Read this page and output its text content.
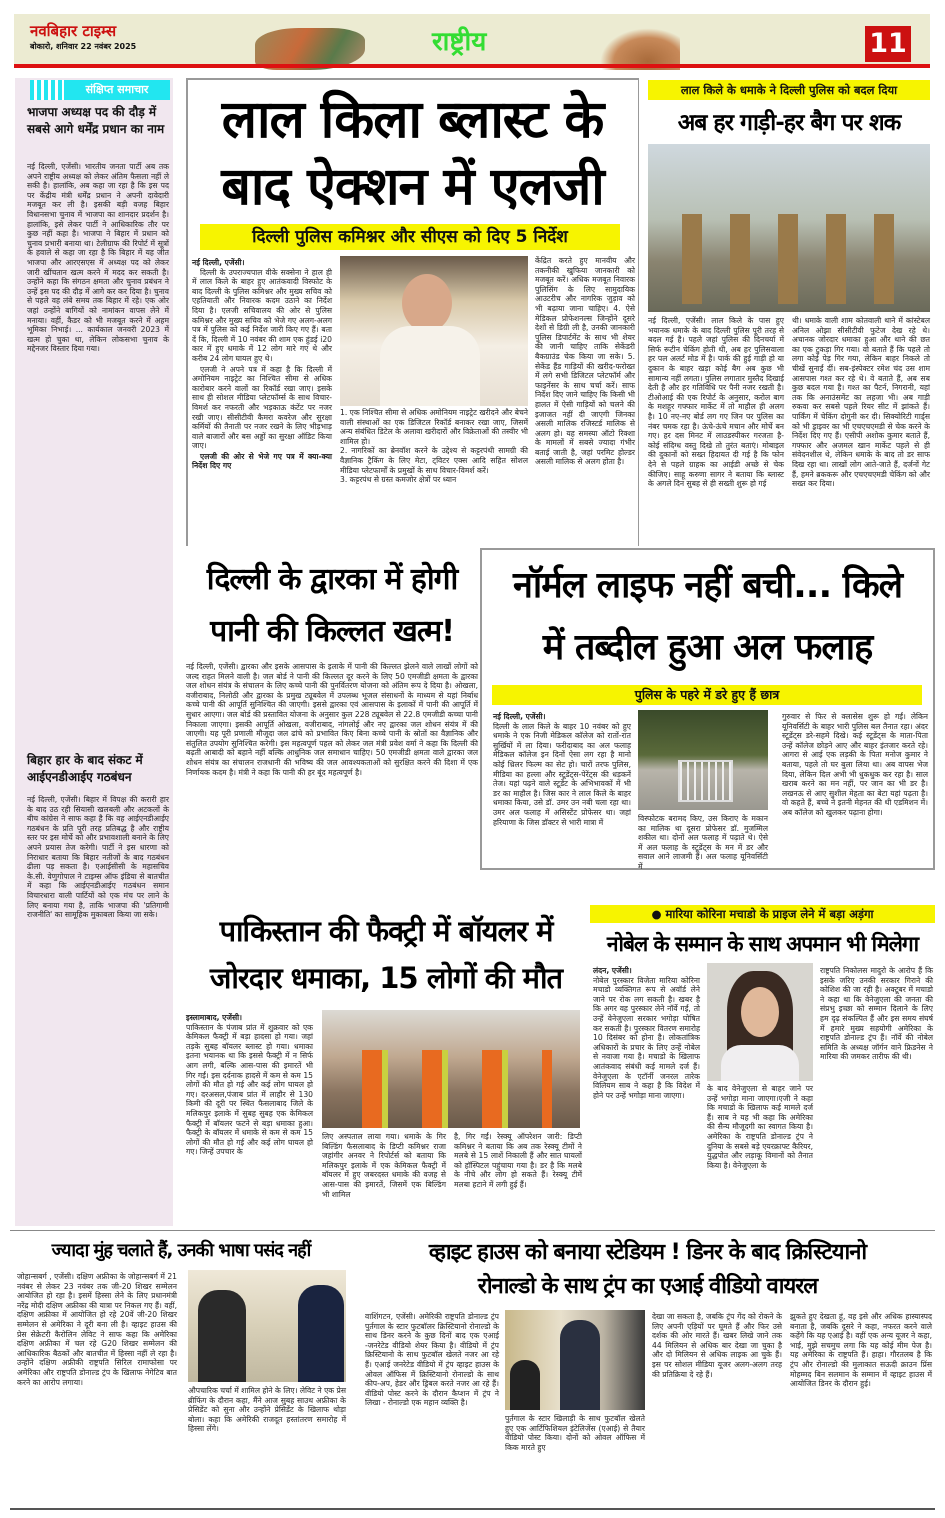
नवबिहार टाइम्स
बोकारो, शनिवार 22 नवंबर 2025	राष्ट्रीय	11
संक्षिप्त समाचार
भाजपा अध्यक्ष पद की दौड़ में सबसे आगे धर्मेंद्र प्रधान का नाम
नई दिल्ली, एजेंसी। भारतीय जनता पार्टी अब तक अपने राष्ट्रीय अध्यक्ष को लेकर अंतिम फैसला नहीं ले सकी है। हालांकि, अब कहा जा रहा है कि इस पद पर केंद्रीय मंत्री धर्मेंद्र प्रधान ने अपनी दावेदारी मजबूत कर ली है। इसकी बड़ी वजह बिहार विधानसभा चुनाव में भाजपा का शानदार प्रदर्शन है। हालांकि, इसे लेकर पार्टी ने आधिकारिक तौर पर कुछ नहीं कहा है। भाजपा ने बिहार में प्रधान को चुनाव प्रभारी बनाया था। टेलीग्राफ की रिपोर्ट में सूत्रों के हवाले से कहा जा रहा है कि बिहार में यह जीत भाजपा और आरएसएस में अध्यक्ष पद को लेकर जारी खींचतान खत्म करने में मदद कर सकती है। उन्होंने कहा कि संगठन क्षमता और चुनाव प्रबंधन ने उन्हें इस पद की दौड़ में आगे कर कर दिया है। चुनाव से पहले वह लंबे समय तक बिहार में रहे। एक ओर जहां उन्होंने बागियों को नामांकन वापस लेने में मनाया। वहीं, कैडर को भी मजबूत करने में अहम भूमिका निभाई। ... कार्यकाल जनवरी 2023 में खत्म हो चुका था, लेकिन लोकसभा चुनाव के मद्देनजर विस्तार दिया गया।
बिहार हार के बाद संकट में आईएनडीआईए गठबंधन
नई दिल्ली, एजेंसी। बिहार में विपक्ष की करारी हार के बाद उठ रही सियासी खलबली और अटकलों के बीच कांग्रेस ने साफ कहा है कि वह आईएनडीआईए गठबंधन के प्रति पूरी तरह प्रतिबद्ध है और राष्ट्रीय स्तर पर इस मोर्चे को और प्रभावशाली बनाने के लिए अपने प्रयास तेज करेगी। पार्टी ने इस धारणा को निराधार बताया कि बिहार नतीजों के बाद गठबंधन ढीला पड़ सकता है। एआईसीसी के महासचिव के.सी. वेणुगोपाल ने टाइम्स ऑफ इंडिया से बातचीत में कहा कि आईएनडीआईए गठबंधन समान विचारधारा वाली पार्टियों को एक मंच पर लाने के लिए बनाया गया है, ताकि भाजपा की 'प्रतिगामी राजनीति' का सामूहिक मुकाबला किया जा सके।
लाल किला ब्लास्ट के
बाद ऐक्शन में एलजी
दिल्ली पुलिस कमिश्नर और सीएस को दिए 5 निर्देश
नई दिल्ली, एजेंसी।

दिल्ली के उपराज्यपाल वीके सक्सेना ने हाल ही में लाल किले के बाहर हुए आतंकवादी विस्फोट के बाद दिल्ली के पुलिस कमिश्नर और मुख्य सचिव को एहतियाती और निवारक कदम उठाने का निर्देश दिया है। एलजी सचिवालय की ओर से पुलिस कमिश्नर और मुख्य सचिव को भेजे गए अलग-अलग पत्र में पुलिस को कई निर्देश जारी किए गए हैं। बता दें कि, दिल्ली में 10 नवंबर की शाम एक हुंडई i20 कार में हुए धमाके में 12 लोग मारे गए थे और करीब 24 लोग घायल हुए थे।

एलजी ने अपने पत्र में कहा है कि दिल्ली में अमोनियम नाइट्रेट का निश्चित सीमा से अधिक कारोबार करने वालों का रिकॉर्ड रखा जाए। इसके साथ ही सोशल मीडिया प्लेटफॉर्म्स के साथ विचार-विमर्श कर नफरती और भड़काऊ कंटेंट पर नजर रखी जाए। सीसीटीवी कैमरा कवरेज और सुरक्षा कर्मियों की तैनाती पर नजर रखने के लिए भीड़भाड़ वाले बाजारों और बस अड्डों का सुरक्षा ऑडिट किया जाए।

एलजी की ओर से भेजे गए पत्र में क्या-क्या निर्देश दिए गए

1. एक निश्चित सीमा से अधिक अमोनियम नाइट्रेट खरीदने और बेचने वाली संस्थाओं का एक डिजिटल रिकॉर्ड बनाकर रखा जाए, जिसमें अन्य संबंधित डिटेल के अलावा खरीदारों और विक्रेताओं की तस्वीर भी शामिल हो।
2. नागरिकों का ब्रेनवॉश करने के उद्देश्य से कट्टरपंथी सामग्री की वैज्ञानिक ट्रैकिंग के लिए मेटा, ट्विटर एक्स आदि सहित सोशल मीडिया प्लेटफार्मों के प्रमुखों के साथ विचार-विमर्श करें।
3. कट्टरपंथ से ग्रस्त कमजोर क्षेत्रों पर ध्यान
केंद्रित करते हुए मानवीय और तकनीकी खुफिया जानकारी को मजबूत करें। अधिक मजबूत निवारक पुलिसिंग के लिए सामुदायिक आउटरीच और नागरिक जुड़ाव को भी बढ़ाया जाना चाहिए। 4. ऐसे मेडिकल प्रोफेशनल्स जिन्होंने दूसरे देशों से डिग्री ली है, उनकी जानकारी पुलिस डिपार्टमेंट के साथ भी शेयर की जानी चाहिए ताकि सेकेंडरी बैकग्राउंड चेक किया जा सके। 5. सेकेंड हैंड गाड़ियों की खरीद-फरोख्त में लगे सभी डिजिटल प्लेटफॉर्म और फाइनेंसर के साथ चर्चा करें। साफ निर्देश दिए जाने चाहिए कि किसी भी हालत में ऐसी गाड़ियों को चलने की इजाजत नहीं दी जाएगी जिनका असली मालिक रजिस्टर्ड मालिक से अलग हो। यह समस्या ऑटो रिक्शा के मामलों में सबसे ज्यादा गंभीर बताई जाती है, जहां परमिट होल्डर असली मालिक से अलग होता है।
लाल किले के धमाके ने दिल्ली पुलिस को बदल दिया
अब हर गाड़ी-हर बैग पर शक
नई दिल्ली, एजेंसी। लाल किले के पास हुए भयानक धमाके के बाद दिल्ली पुलिस पूरी तरह से बदल गई है। पहले जहां पुलिस की दिनचर्या में सिर्फ रूटीन चेकिंग होती थी, अब हर पुलिसवाला हर पल अलर्ट मोड में है। पार्क की हुई गाड़ी हो या दुकान के बाहर खड़ा कोई बैग अब कुछ भी सामान्य नहीं लगता। पुलिस लगातार मुस्तैद दिखाई देती है और हर गतिविधि पर पैनी नजर रखती है। टीओआई की एक रिपोर्ट के अनुसार, करोल बाग के मशहूर गफ्फार मार्केट में तो माहौल ही अलग है। 10 नए-नए बोर्ड लग गए जिन पर पुलिस का नंबर चमक रहा है। ऊंचे-ऊंचे मचान और मोर्चे बन गए। हर दस मिनट में लाउडस्पीकर गरजता है- कोई संदिग्ध वस्तु दिखे तो तुरंत बताएं। मोबाइल की दुकानों को सख्त हिदायत दी गई है कि फोन देने से पहले ग्राहक का आईडी अच्छे से चेक कीजिए। साहू करुणा सागर ने बताया कि ब्लास्ट के अगले दिन सुबह से ही सख्ती शुरू हो गई
थी। धमाके वाली शाम कोतवाली थाने में कांस्टेबल अनिल ओझा सीसीटीवी फुटेज देख रहे थे। अचानक जोरदार धमाका हुआ और थाने की छत का एक टुकड़ा गिर गया। वो बताते हैं कि पहले तो लगा कोई पेड़ गिर गया, लेकिन बाहर निकले तो चीखें सुनाईं दीं। सब-इंस्पेक्टर रमेश चंद उस शाम आसपास गश्त कर रहे थे। वे बताते हैं, अब सब कुछ बदल गया है। गश्त का पैटर्न, निगरानी, यहां तक कि अनाउंसमेंट का लहजा भी। अब गाड़ी रुकवा कर सबसे पहले रियर सीट में झांकते हैं। पार्किंग में चेकिंग दोगुनी कर दी। सिक्योरिटी गार्ड्स को भी ड्राइवर का भी एचएचएमडी से चेक करने के निर्देश दिए गए हैं। एसीपी अशोक कुमार बताते हैं, गफ्फार और अजमल खान मार्केट पहले से ही संवेदनशील थे, लेकिन धमाके के बाद तो डर साफ दिख रहा था। लाखों लोग आते-जाते हैं, दर्जनों गेट हैं, हमने ब्रककरू और एचएचएमडी चेकिंग को और सख्त कर दिया।
दिल्ली के द्वारका में होगी
पानी की किल्लत खत्म!
नई दिल्ली, एजेंसी। द्वारका और इसके आसपास के इलाके में पानी की किल्लत झेलने वाले लाखों लोगों को जल्द राहत मिलने वाली है। जल बोर्ड ने पानी की किल्लत दूर करने के लिए 50 एमजीडी क्षमता के द्वारका जल शोधन संयंत्र के संचालन के लिए कच्चे पानी की पुनर्वितरण योजना को अंतिम रूप दे दिया है। ओखला, वजीराबाद, निलोठी और द्वारका के प्रमुख ट्यूबवेल में उपलब्ध भूजल संसाधनों के माध्यम से यहां निर्बाध कच्चे पानी की आपूर्ति सुनिश्चित की जाएगी। इससे द्वारका एवं आसपास के इलाकों में पानी की आपूर्ति में सुधार आएगा। जल बोर्ड की प्रस्तावित योजना के अनुसार कुल 228 ट्यूबवेल से 22.8 एमजीडी कच्चा पानी निकाला जाएगा। इसकी आपूर्ति ओखला, वजीराबाद, नांगलोई और नए द्वारका जल शोधन संयंत्र में की जाएगी। यह पूरी प्रणाली मौजूदा जल ढांचे को प्रभावित किए बिना कच्चे पानी के स्रोतों का वैज्ञानिक और संतुलित उपयोग सुनिश्चित करेगी। इस महत्वपूर्ण पहल को लेकर जल मंत्री प्रवेश वर्मा ने कहा कि दिल्ली की बढ़ती आबादी को बहाने नहीं बल्कि आधुनिक जल समाधान चाहिए। 50 एमजीडी क्षमता वाले द्वारका जल शोधन संयंत्र का संचालन राजधानी की भविष्य की जल आवश्यकताओं को सुरक्षित करने की दिशा में एक निर्णायक कदम है। मंत्री ने कहा कि पानी की हर बूंद महत्वपूर्ण है।
नॉर्मल लाइफ नहीं बची... किले
में तब्दील हुआ अल फलाह
पुलिस के पहरे में डरे हुए हैं छात्र
नई दिल्ली, एजेंसी।
दिल्ली के लाल किले के बाहर 10 नवंबर को हुए धमाके ने एक निजी मेडिकल कॉलेज को रातों-रात सुर्खियों में ला दिया। फरीदाबाद का अल फलाह मेडिकल कॉलेज इन दिनों ऐसा लग रहा है मानो कोई थ्रिलर फिल्म का सेट हो। चारों तरफ पुलिस, मीडिया का हल्ला और स्टूडेंट्स-पेरेंट्स की धड़कनें तेज। यहां पढ़ने वाले स्टूडेंट के अभिभावकों में भी डर का माहौल है। जिस कार ने लाल किले के बाहर धमाका किया, उसे डॉ. उमर उन नबी चला रहा था। उमर अल फलाह में असिस्टेंट प्रोफेसर था। जहां हरियाणा के जिस डॉक्टर से भारी मात्रा में	विस्फोटक बरामद किए, उस किराए के मकान का मालिक था दूसरा प्रोफेसर डॉ. मुजम्मिल शकील था। दोनों अल फलाह में पढ़ाते थे। ऐसे में अल फलाह के स्टूडेंट्स के मन में डर और सवाल आने लाजमी हैं। अल फलाह यूनिवर्सिटी में
गुरुवार से फिर से क्लासेस शुरू हो गईं। लेकिन यूनिवर्सिटी के बाहर भारी पुलिस बल तैनात रहा। अंदर स्टूडेंट्स डरे-सहमे दिखे। कई स्टूडेंट्स के माता-पिता उन्हें कॉलेज छोड़ने आए और बाहर इंतजार करते रहे। आगरा से आई एक लड़की के पिता मनोज कुमार ने बताया, पहले तो घर बुला लिया था। अब वापस भेज दिया, लेकिन दिल अभी भी धुकधुक कर रहा है। साल खराब करने का मन नहीं, पर जान का भी डर है। लखनऊ से आए सुशील मेहता का बेटा यहां पढ़ता है। वो कहते हैं, बच्चे ने इतनी मेहनत की थी एडमिशन में। अब कॉलेज को खुलकर पढ़ाना होगा।
पाकिस्तान की फैक्ट्री में बॉयलर में
जोरदार धमाका, 15 लोगों की मौत
इस्लामाबाद, एजेंसी।
पाकिस्तान के पंजाब प्रांत में शुक्रवार को एक केमिकल फैक्ट्री में बड़ा हादसा हो गया। जहां तड़के सुबह बॉयलर ब्लास्ट हो गया। धमाका इतना भयानक था कि इससे फैक्ट्री में न सिर्फ आग लगी, बल्कि आस-पास की इमारतें भी गिर गईं। इस दर्दनाक हादसे में कम से कम 15 लोगों की मौत हो गई और कई लोग घायल हो गए। दरअसल,पंजाब प्रांत में लाहौर से 130 किमी की दूरी पर स्थित फैसलाबाद जिले के मलिकपुर इलाके में सुबह सुबह एक केमिकल फैक्ट्री में बॉयलर फटने से बड़ा धमाका हुआ। फैक्ट्री के बॉयलर में धमाके से कम से कम 15 लोगों की मौत हो गई और कई लोग घायल हो गए। जिन्हें उपचार के
लिए अस्पताल लाया गया। धमाके के गिर बिल्डिंग फैसलाबाद के डिप्टी कमिश्नर राजा जहांगीर अनवर ने रिपोर्टर्स को बताया कि मलिकपुर इलाके में एक केमिकल फैक्ट्री में बॉयलर में हुए जबरदस्त धमाके की वजह से आस-पास की इमारतें, जिसमें एक बिल्डिंग भी शामिल
है, गिर गईं। रेस्क्यू ऑपरेशन जारी: डिप्टी कमिश्नर ने बताया कि अब तक रेस्क्यू टीमों ने मलबे से 15 लाशें निकाली हैं और सात घायलों को हॉस्पिटल पहुंचाया गया है। डर है कि मलबे के नीचे और लोग हो सकते हैं। रेस्क्यू टीमें मलबा हटाने में लगी हुई हैं।
● मारिया कोरिना मचाडो के प्राइज लेने में बड़ा अड़ंगा
नोबेल के सम्मान के साथ अपमान भी मिलेगा
लंदन, एजेंसी।
नोबेल पुरस्कार विजेता मारिया कोरिना मचाडो व्यक्तिगत रूप से अवॉर्ड लेने जाने पर रोक लग सकती है। खबर है कि अगर वह पुरस्कार लेने नॉर्वे गईं, तो उन्हें वेनेजुएला सरकार भगोड़ा घोषित कर सकती है। पुरस्कार वितरण समारोह 10 दिसंबर को होना है। लोकतांत्रिक अधिकारों के प्रचार के लिए उन्हें नोबेल से नवाजा गया है। मचाडो के खिलाफ आतंकवाद संबंधी कई मामले दर्ज हैं। वेनेजुएला के एटॉर्नी जनरल तारेक विलियम साब ने कहा है कि विदेश में होने पर उन्हें भगोड़ा माना जाएगा।
के बाद वेनेजुएला से बाहर जाने पर उन्हें भगोड़ा माना जाएगा।एजी ने कहा कि मचाडो के खिलाफ कई मामले दर्ज हैं। साब ने यह भी कहा कि अमेरिका की सैन्य मौजूदगी का स्वागत किया है। अमेरिका के राष्ट्रपति डोनाल्ड ट्रंप ने दुनिया के सबसे बड़े एयरक्राफ्ट कैरियर, युद्धपोत और लड़ाकू विमानों को तैनात किया है। वेनेजुएला के
राष्ट्रपति निकोलस मादुरो के आरोप हैं कि इसके जरिए उनकी सरकार गिराने की कोशिश की जा रही है। अक्टूबर में मचाडो ने कहा था कि वेनेजुएला की जनता की संप्रभु इच्छा को सम्मान दिलाने के लिए हम दृढ़ संकल्पित हैं और इस समय संघर्ष में हमारे मुख्य सहयोगी अमेरिका के राष्ट्रपति डोनाल्ड ट्रंप हैं। नॉर्वे की नोबेल समिति के अध्यक्ष जॉर्गन वाने फ्रिडनेस ने मारिया की जमकर तारीफ की थी।
ज्यादा मुंह चलाते हैं, उनकी भाषा पसंद नहीं
जोहान्सबर्ग , एजेंसी। दक्षिण अफ्रीका के जोहान्सबर्ग में 21 नवंबर से लेकर 23 नवंबर तक जी-20 शिखर सम्मेलन आयोजित हो रहा है। इसमें हिस्सा लेने के लिए प्रधानमंत्री नरेंद्र मोदी दक्षिण अफ्रीका की यात्रा पर निकल गए हैं। वहीं, दक्षिण अफ्रीका में आयोजित हो रहे 20वें जी-20 शिखर सम्मेलन से अमेरिका ने दूरी बना ली है। व्हाइट हाउस की प्रेस सेक्रेटरी कैरोलिन लेविट ने साफ कहा कि अमेरिका दक्षिण अफ्रीका में चल रहे G20 शिखर सम्मेलन की आधिकारिक बैठकों और बातचीत में हिस्सा नहीं ले रहा है। उन्होंने दक्षिण अफ्रीकी राष्ट्रपति सिरिल रामाफोसा पर अमेरिका और राष्ट्रपति डोनाल्ड ट्रंप के खिलाफ नेगेटिव बात करने का आरोप लगाया।
औपचारिक चर्चा में शामिल होने के लिए। लेविट ने एक प्रेस ब्रीफिंग के दौरान कहा, मैंने आज सुबह साउथ अफ्रीका के प्रेसिडेंट को सुना और उन्होंने प्रेसिडेंट के खिलाफ थोड़ा बोला। कहा कि अमेरिकी राजदूत हस्तांतरण समारोह में हिस्सा लेंगे।
व्हाइट हाउस को बनाया स्टेडियम ! डिनर के बाद क्रिस्टियानो
रोनाल्डो के साथ ट्रंप का एआई वीडियो वायरल
वाशिंगटन, एजेंसी। अमेरिकी राष्ट्रपति डोनाल्ड ट्रंप पुर्तगाल के स्टार फुटबॉलर क्रिस्टियानो रोनाल्डो के साथ डिनर करने के कुछ दिनों बाद एक एआई -जनरेटेड वीडियो शेयर किया है। वीडियो में ट्रंप क्रिस्टियानो के साथ फुटबॉल खेलते नजर आ रहे हैं। एआई जनरेटेड वीडियो में ट्रंप व्हाइट हाउस के ओवल ऑफिस में क्रिस्टियानो रोनाल्डो के साथ कीप-अप, हेडर और ड्रिबल करते नजर आ रहे हैं। वीडियो पोस्ट करने के दौरान कैप्शन में ट्रंप ने लिखा - रोनाल्डो एक महान व्यक्ति है।
पुर्तगाल के स्टार खिलाड़ी के साथ फुटबॉल खेलते हुए एक आर्टिफिशियल इंटेलिजेंस (एआई) से तैयार वीडियो पोस्ट किया। दोनों को ओवल ऑफिस में किक मारते हुए
देखा जा सकता है, जबकि ट्रंप गेंद को रोकने के लिए अपनी एड़ियों पर घूमते हैं और फिर उसे दर्शक की ओर मारते हैं। खबर लिखे जाने तक 44 मिलियन से अधिक बार देखा जा चुका है और दो मिलियन से अधिक लाइक आ चुके हैं। इस पर सोशल मीडिया यूजर अलग-अलग तरह की प्रतिक्रिया दे रहे हैं।
झुकते हुए देखता हूं, वह इसे और अधिक हास्यास्पद बनाता है, जबकि दूसरे ने कहा, नफरत करने वाले कहेंगे कि यह एआई है। वहीं एक अन्य यूजर ने कहा, भाई, मुझे सचमुच लगा कि यह कोई मीम पेज है। यह अमेरिका के राष्ट्रपति हैं। हाहा। गौरतलब है कि ट्रंप और रोनाल्डो की मुलाकात सऊदी क्राउन प्रिंस मोहम्मद बिन सलमान के सम्मान में व्हाइट हाउस में आयोजित डिनर के दौरान हुई।
